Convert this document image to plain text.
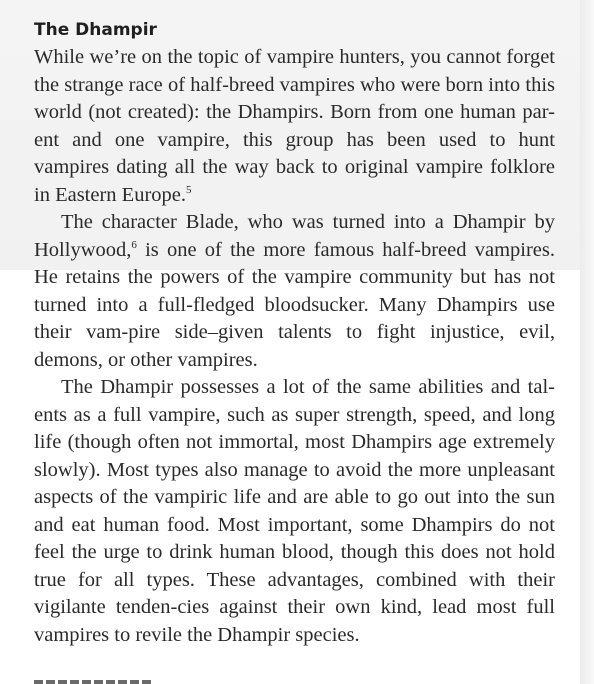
The Dhampir

While we’re on the topic of vampire hunters, you cannot forget the strange race of half-breed vampires who were born into this world (not created): the Dhampirs. Born from one human par-ent and one vampire, this group has been used to hunt vampires dating all the way back to original vampire folklore in Eastern Europe.$^5$

The character Blade, who was turned into a Dhampir by Hollywood,$^6$ is one of the more famous half-breed vampires. He retains the powers of the vampire community but has not turned into a full-fledged bloodsucker. Many Dhampirs use their vam-pire side–given talents to fight injustice, evil, demons, or other vampires.

The Dhampir possesses a lot of the same abilities and tal-ents as a full vampire, such as super strength, speed, and long life (though often not immortal, most Dhampirs age extremely slowly). Most types also manage to avoid the more unpleasant aspects of the vampiric life and are able to go out into the sun and eat human food. Most important, some Dhampirs do not feel the urge to drink human blood, though this does not hold true for all types. These advantages, combined with their vigilante tenden-cies against their own kind, lead most full vampires to revile the Dhampir species.
